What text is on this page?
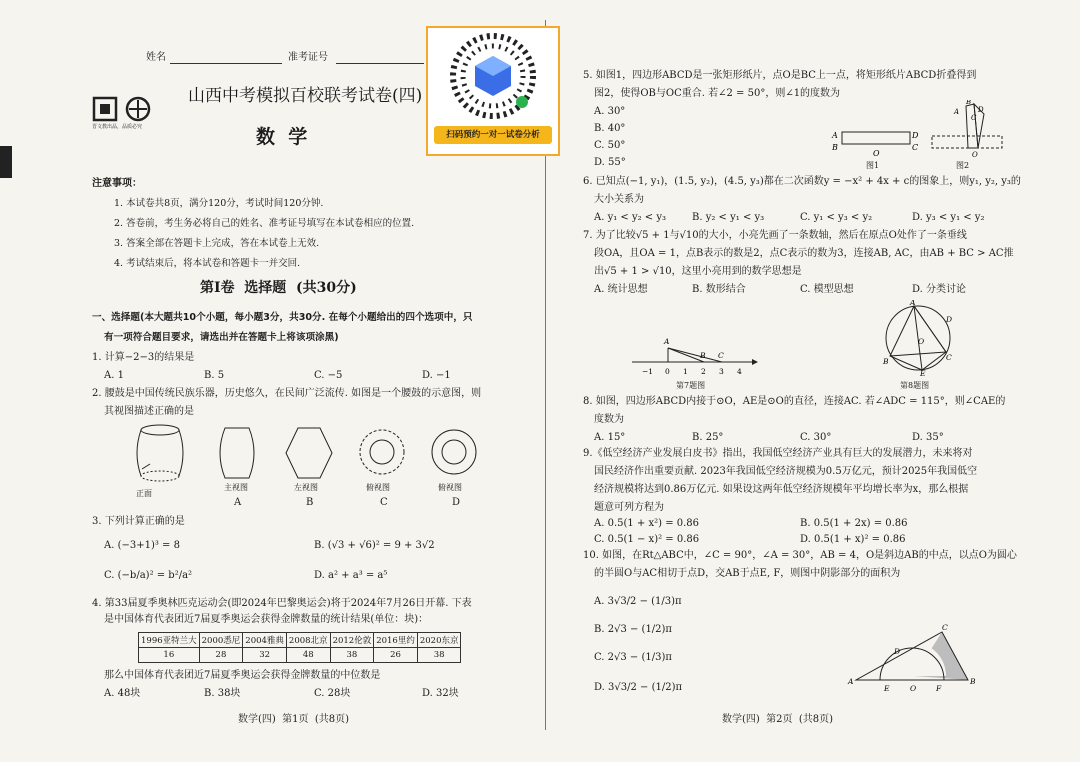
姓名	准考证号
晋文教出品，品质必究
山西中考模拟百校联考试卷(四)
数  学	扫码预约一对一试卷分析
注意事项：
1. 本试卷共8页，满分120分，考试时间120分钟.
2. 答卷前，考生务必将自己的姓名、准考证号填写在本试卷相应的位置.
3. 答案全部在答题卡上完成，答在本试卷上无效.
4. 考试结束后，将本试卷和答题卡一并交回.
第Ⅰ卷  选择题  (共30分)
一、选择题(本大题共10个小题，每小题3分，共30分. 在每个小题给出的四个选项中，只
有一项符合题目要求，请选出并在答题卡上将该项涂黑)
1. 计算−2−3的结果是
A. 1	B. 5	C. −5	D. −1
2. 腰鼓是中国传统民族乐器，历史悠久，在民间广泛流传. 如图是一个腰鼓的示意图，则
其视图描述正确的是
正面
主视图	左视图	俯视图	俯视图
A	B	C	D
3. 下列计算正确的是
A. (−3+1)³ = 8	B. (√3 + √6)² = 9 + 3√2
C. (−b/a)² = b²/a²	D. a² + a³ = a⁵
4. 第33届夏季奥林匹克运动会(即2024年巴黎奥运会)将于2024年7月26日开幕. 下表
是中国体育代表团近7届夏季奥运会获得金牌数量的统计结果(单位：块)：
1996亚特兰大	2000悉尼	2004雅典	2008北京	2012伦敦	2016里约	2020东京
16	28	32	48	38	26	38
那么中国体育代表团近7届夏季奥运会获得金牌数量的中位数是
A. 48块	B. 38块	C. 28块	D. 32块
数学(四)  第1页  (共8页)
5. 如图1，四边形ABCD是一张矩形纸片，点O是BC上一点，将矩形纸片ABCD折叠得到
图2，使得OB与OC重合. 若∠2 = 50°，则∠1的度数为
A. 30°
B. 40°
C. 50°
D. 55°
A
B
D
C
O
A
B
D
C
O
图1	图2
6. 已知点(−1, y₁)，(1.5, y₂)，(4.5, y₃)都在二次函数y = −x² + 4x + c的图象上，则y₁, y₂, y₃的
大小关系为
A. y₁ < y₂ < y₃	B. y₂ < y₁ < y₃	C. y₁ < y₃ < y₂	D. y₃ < y₁ < y₂
7. 为了比较√5 + 1与√10的大小，小亮先画了一条数轴，然后在原点O处作了一条垂线
段OA，且OA = 1，点B表示的数是2，点C表示的数为3，连接AB, AC，由AB + BC > AC推
出√5 + 1 > √10，这里小亮用到的数学思想是
A. 统计思想	B. 数形结合	C. 模型思想	D. 分类讨论
A
B C
−1 0 1 2 3 4
第7题图
A
B	C
D
E
O
第8题图
8. 如图，四边形ABCD内接于⊙O，AE是⊙O的直径，连接AC. 若∠ADC = 115°，则∠CAE的
度数为
A. 15°	B. 25°	C. 30°	D. 35°
9.《低空经济产业发展白皮书》指出，我国低空经济产业具有巨大的发展潜力，未来将对
国民经济作出重要贡献. 2023年我国低空经济规模为0.5万亿元，预计2025年我国低空
经济规模将达到0.86万亿元. 如果设这两年低空经济规模年平均增长率为x，那么根据
题意可列方程为
A. 0.5(1 + x²) = 0.86	B. 0.5(1 + 2x) = 0.86
C. 0.5(1 − x)² = 0.86	D. 0.5(1 + x)² = 0.86
10. 如图，在Rt△ABC中，∠C = 90°，∠A = 30°，AB = 4，O是斜边AB的中点，以点O为圆心
的半圆O与AC相切于点D，交AB于点E, F，则图中阴影部分的面积为
A. 3√3/2 − (1/3)π
B. 2√3 − (1/2)π
C. 2√3 − (1/3)π
D. 3√3/2 − (1/2)π
A	B
C
D
E	O	F
数学(四)  第2页  (共8页)
